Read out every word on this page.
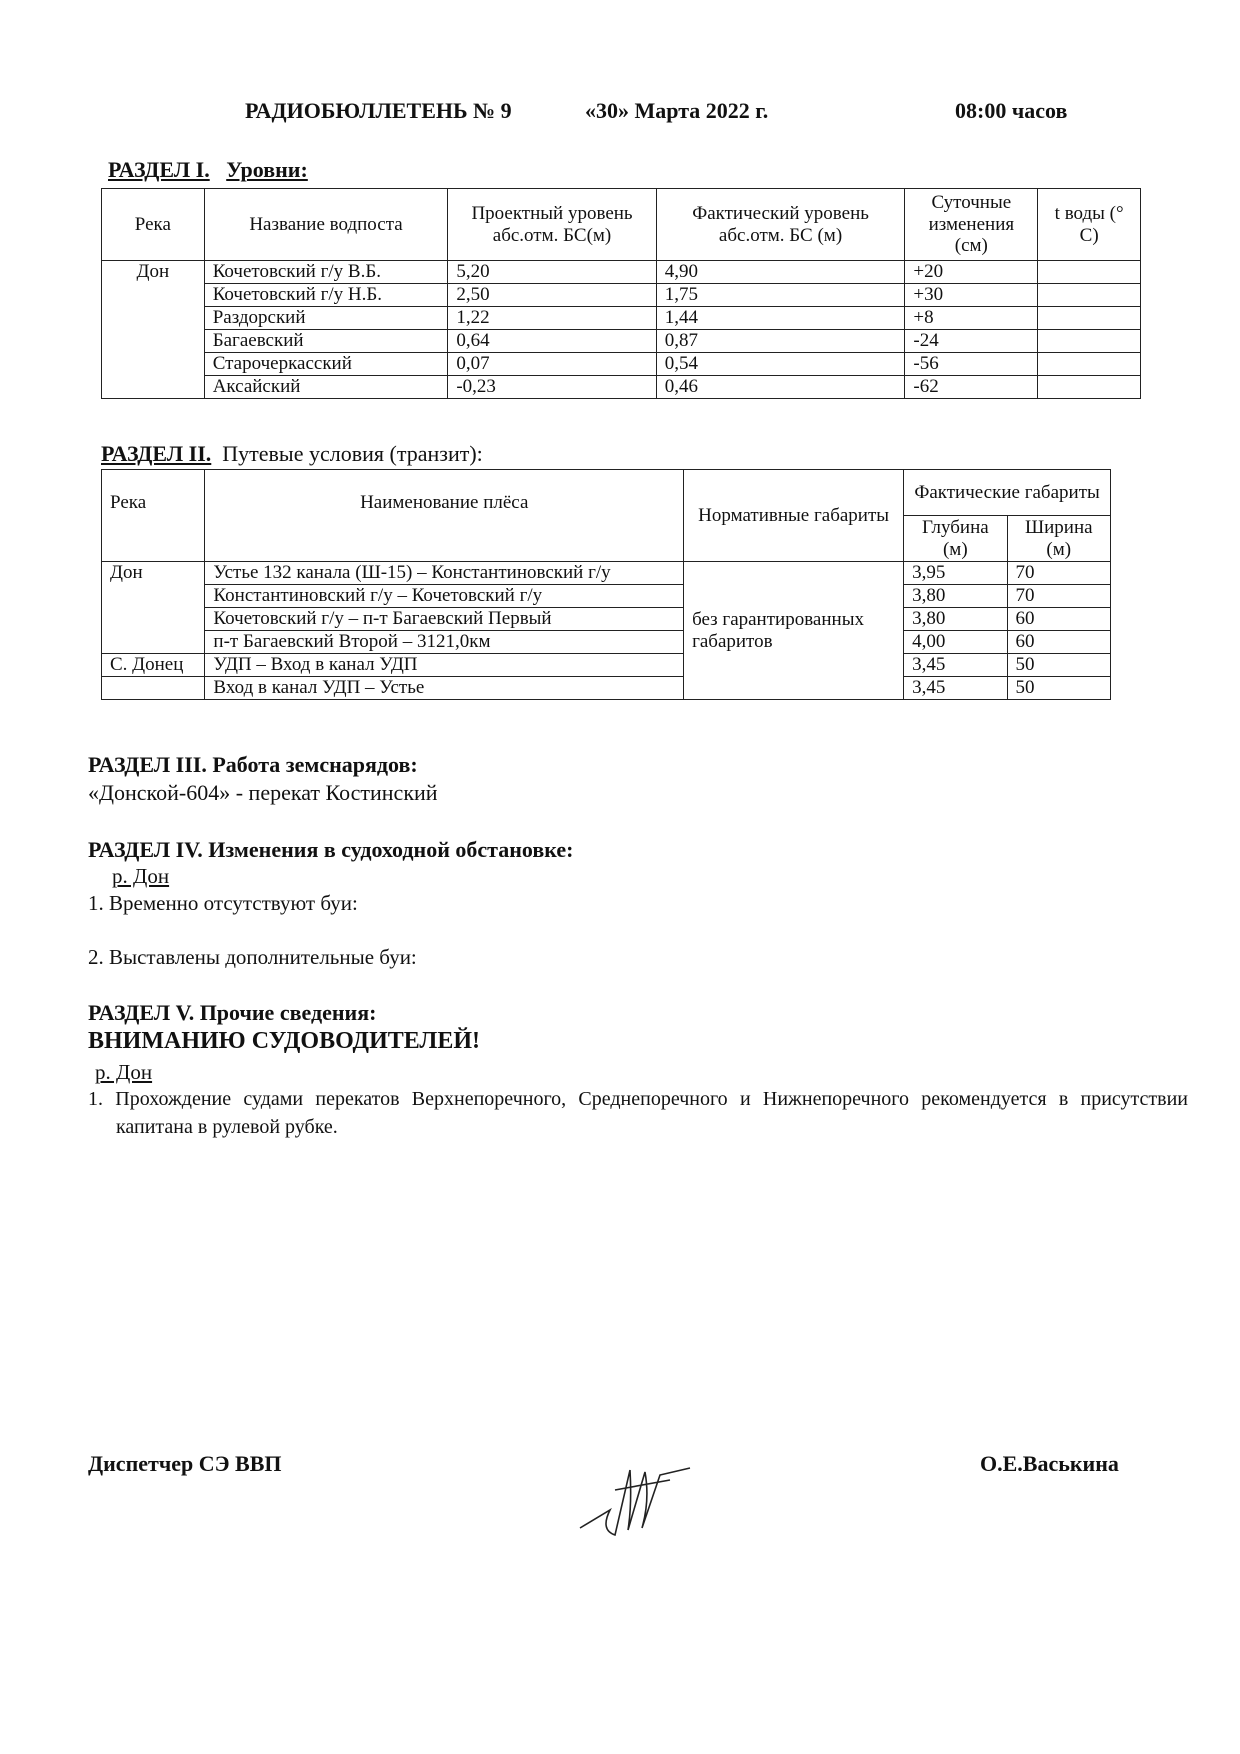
РАДИОБЮЛЛЕТЕНЬ № 9	«30» Марта 2022 г.	08:00 часов
РАЗДЕЛ I. Уровни:
Река	Название водпоста	Проектный уровень абс.отм. БС(м)	Фактический уровень абс.отм. БС (м)	Суточные изменения (см)	t воды (° С)
Дон	Кочетовский г/у В.Б.	5,20	4,90	+20	
	Кочетовский г/у Н.Б.	2,50	1,75	+30	
	Раздорский	1,22	1,44	+8	
	Багаевский	0,64	0,87	-24	
	Старочеркасский	0,07	0,54	-56	
	Аксайский	-0,23	0,46	-62	
РАЗДЕЛ II. Путевые условия (транзит):
Река	Наименование плёса	Нормативные габариты	Фактические габариты	
			Глубина (м)	Ширина (м)
Дон	Устье 132 канала (Ш-15) – Константиновский г/у	без гарантированных габаритов	3,95	70
	Константиновский г/у – Кочетовский г/у		3,80	70
	Кочетовский г/у – п-т Багаевский Первый		3,80	60
	п-т Багаевский Второй – 3121,0км		4,00	60
С. Донец	УДП – Вход в канал УДП		3,45	50
	Вход в канал УДП – Устье		3,45	50
РАЗДЕЛ III. Работа земснарядов:
«Донской-604» - перекат Костинский
РАЗДЕЛ IV. Изменения в судоходной обстановке:
р. Дон
1. Временно отсутствуют буи:
2. Выставлены дополнительные буи:
РАЗДЕЛ V. Прочие сведения:
ВНИМАНИЮ СУДОВОДИТЕЛЕЙ!
р. Дон
1. Прохождение судами перекатов Верхнепоречного, Среднепоречного и Нижнепоречного рекомендуется в присутствии капитана в рулевой рубке.
Диспетчер СЭ ВВП	О.Е.Васькина
